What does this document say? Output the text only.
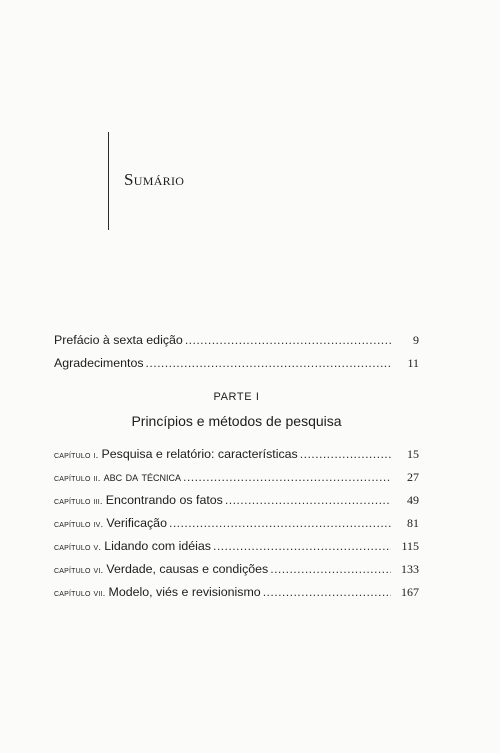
Sumário
Prefácio à sexta edição .....	9
Agradecimentos .....	11
PARTE I
Princípios e métodos de pesquisa
capítulo i. Pesquisa e relatório: características .....	15
capítulo ii. abc da técnica .....	27
capítulo iii. Encontrando os fatos .....	49
capítulo iv. Verificação .....	81
capítulo v. Lidando com idéias .....	115
capítulo vi. Verdade, causas e condições .....	133
capítulo vii. Modelo, viés e revisionismo .....	167
